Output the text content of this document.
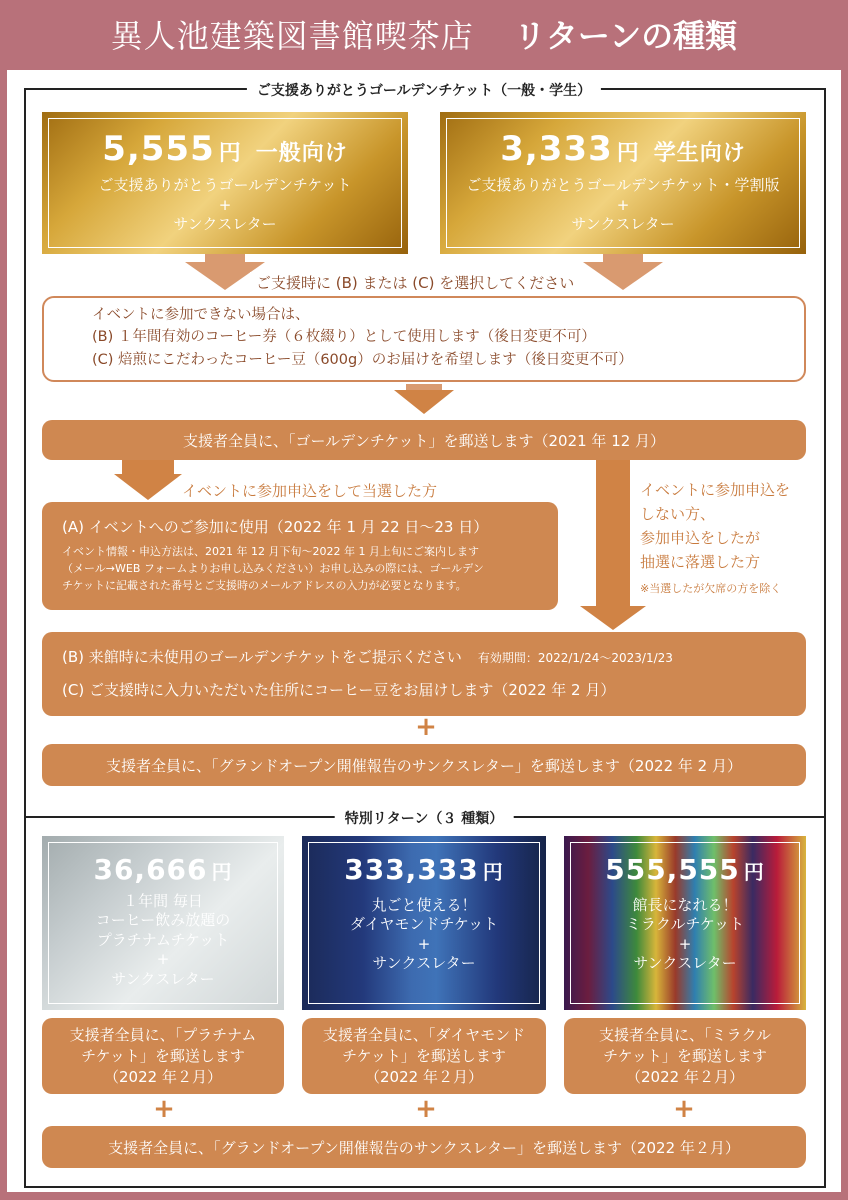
異人池建築図書館喫茶店 リターンの種類
ご支援ありがとうゴールデンチケット（一般・学生）
5,555 円 一般向け
ご支援ありがとうゴールデンチケット
+
サンクスレター
3,333 円 学生向け
ご支援ありがとうゴールデンチケット・学割版
+
サンクスレター
ご支援時に (B) または (C) を選択してください
イベントに参加できない場合は、
(B) １年間有効のコーヒー券（６枚綴り）として使用します（後日変更不可）
(C) 焙煎にこだわったコーヒー豆（600g）のお届けを希望します（後日変更不可）
支援者全員に、「ゴールデンチケット」を郵送します（2021 年 12 月）
イベントに参加申込をして当選した方	イベントに参加申込を
しない方、
参加申込をしたが
抽選に落選した方
※当選したが欠席の方を除く
(A) イベントへのご参加に使用（2022 年 1 月 22 日〜23 日）
イベント情報・申込方法は、2021 年 12 月下旬〜2022 年 1 月上旬にご案内します
（メール→WEB フォームよりお申し込みください）お申し込みの際には、ゴールデン
チケットに記載された番号とご支援時のメールアドレスの入力が必要となります。
(B) 来館時に未使用のゴールデンチケットをご提示ください 有効期間：2022/1/24〜2023/1/23
(C) ご支援時に入力いただいた住所にコーヒー豆をお届けします（2022 年 2 月）
+
支援者全員に、「グランドオープン開催報告のサンクスレター」を郵送します（2022 年 2 月）
特別リターン（３ 種類）
36,666 円
１年間 毎日
コーヒー飲み放題の
プラチナムチケット
+
サンクスレター
333,333 円
丸ごと使える！
ダイヤモンドチケット
+
サンクスレター
555,555 円
館長になれる！
ミラクルチケット
+
サンクスレター
支援者全員に、「プラチナム
チケット」を郵送します
（2022 年２月）
支援者全員に、「ダイヤモンド
チケット」を郵送します
（2022 年２月）
支援者全員に、「ミラクル
チケット」を郵送します
（2022 年２月）
+	+	+
支援者全員に、「グランドオープン開催報告のサンクスレター」を郵送します（2022 年２月）
